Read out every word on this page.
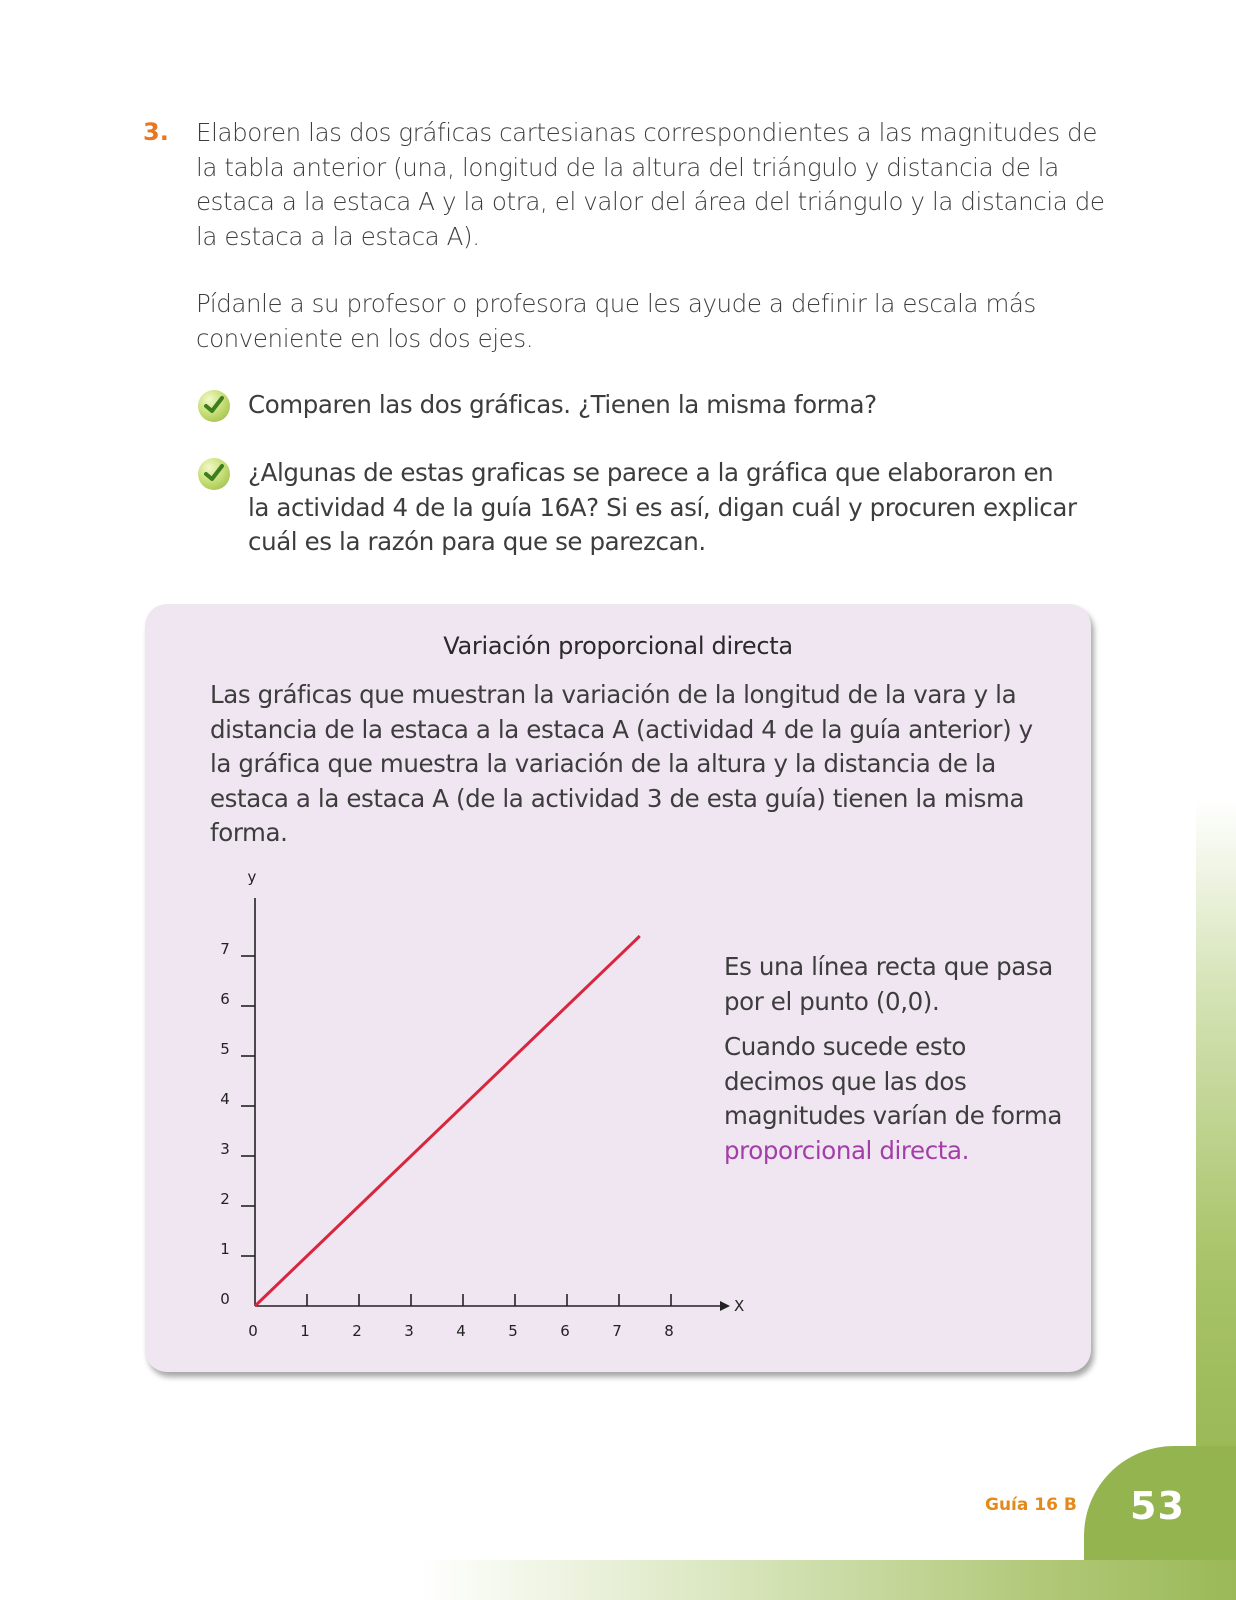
3. Elaboren las dos gráficas cartesianas correspondientes a las magnitudes de la tabla anterior (una, longitud de la altura del triángulo y distancia de la estaca a la estaca A y la otra, el valor del área del triángulo y la distancia de la estaca a la estaca A).

Pídanle a su profesor o profesora que les ayude a definir la escala más conveniente en los dos ejes.

Comparen las dos gráficas. ¿Tienen la misma forma?

¿Algunas de estas graficas se parece a la gráfica que elaboraron en la actividad 4 de la guía 16A? Si es así, digan cuál y procuren explicar cuál es la razón para que se parezcan.

Variación proporcional directa

Las gráficas que muestran la variación de la longitud de la vara y la distancia de la estaca a la estaca A (actividad 4 de la guía anterior) y la gráfica que muestra la variación de la altura y la distancia de la estaca a la estaca A (de la actividad 3 de esta guía) tienen la misma forma.

y
X
0	1	2	3	4	5	6	7	8
0
1
2
3
4
5
6
7

Es una línea recta que pasa por el punto (0,0).

Cuando sucede esto decimos que las dos magnitudes varían de forma proporcional directa.

Guía 16 B 53
